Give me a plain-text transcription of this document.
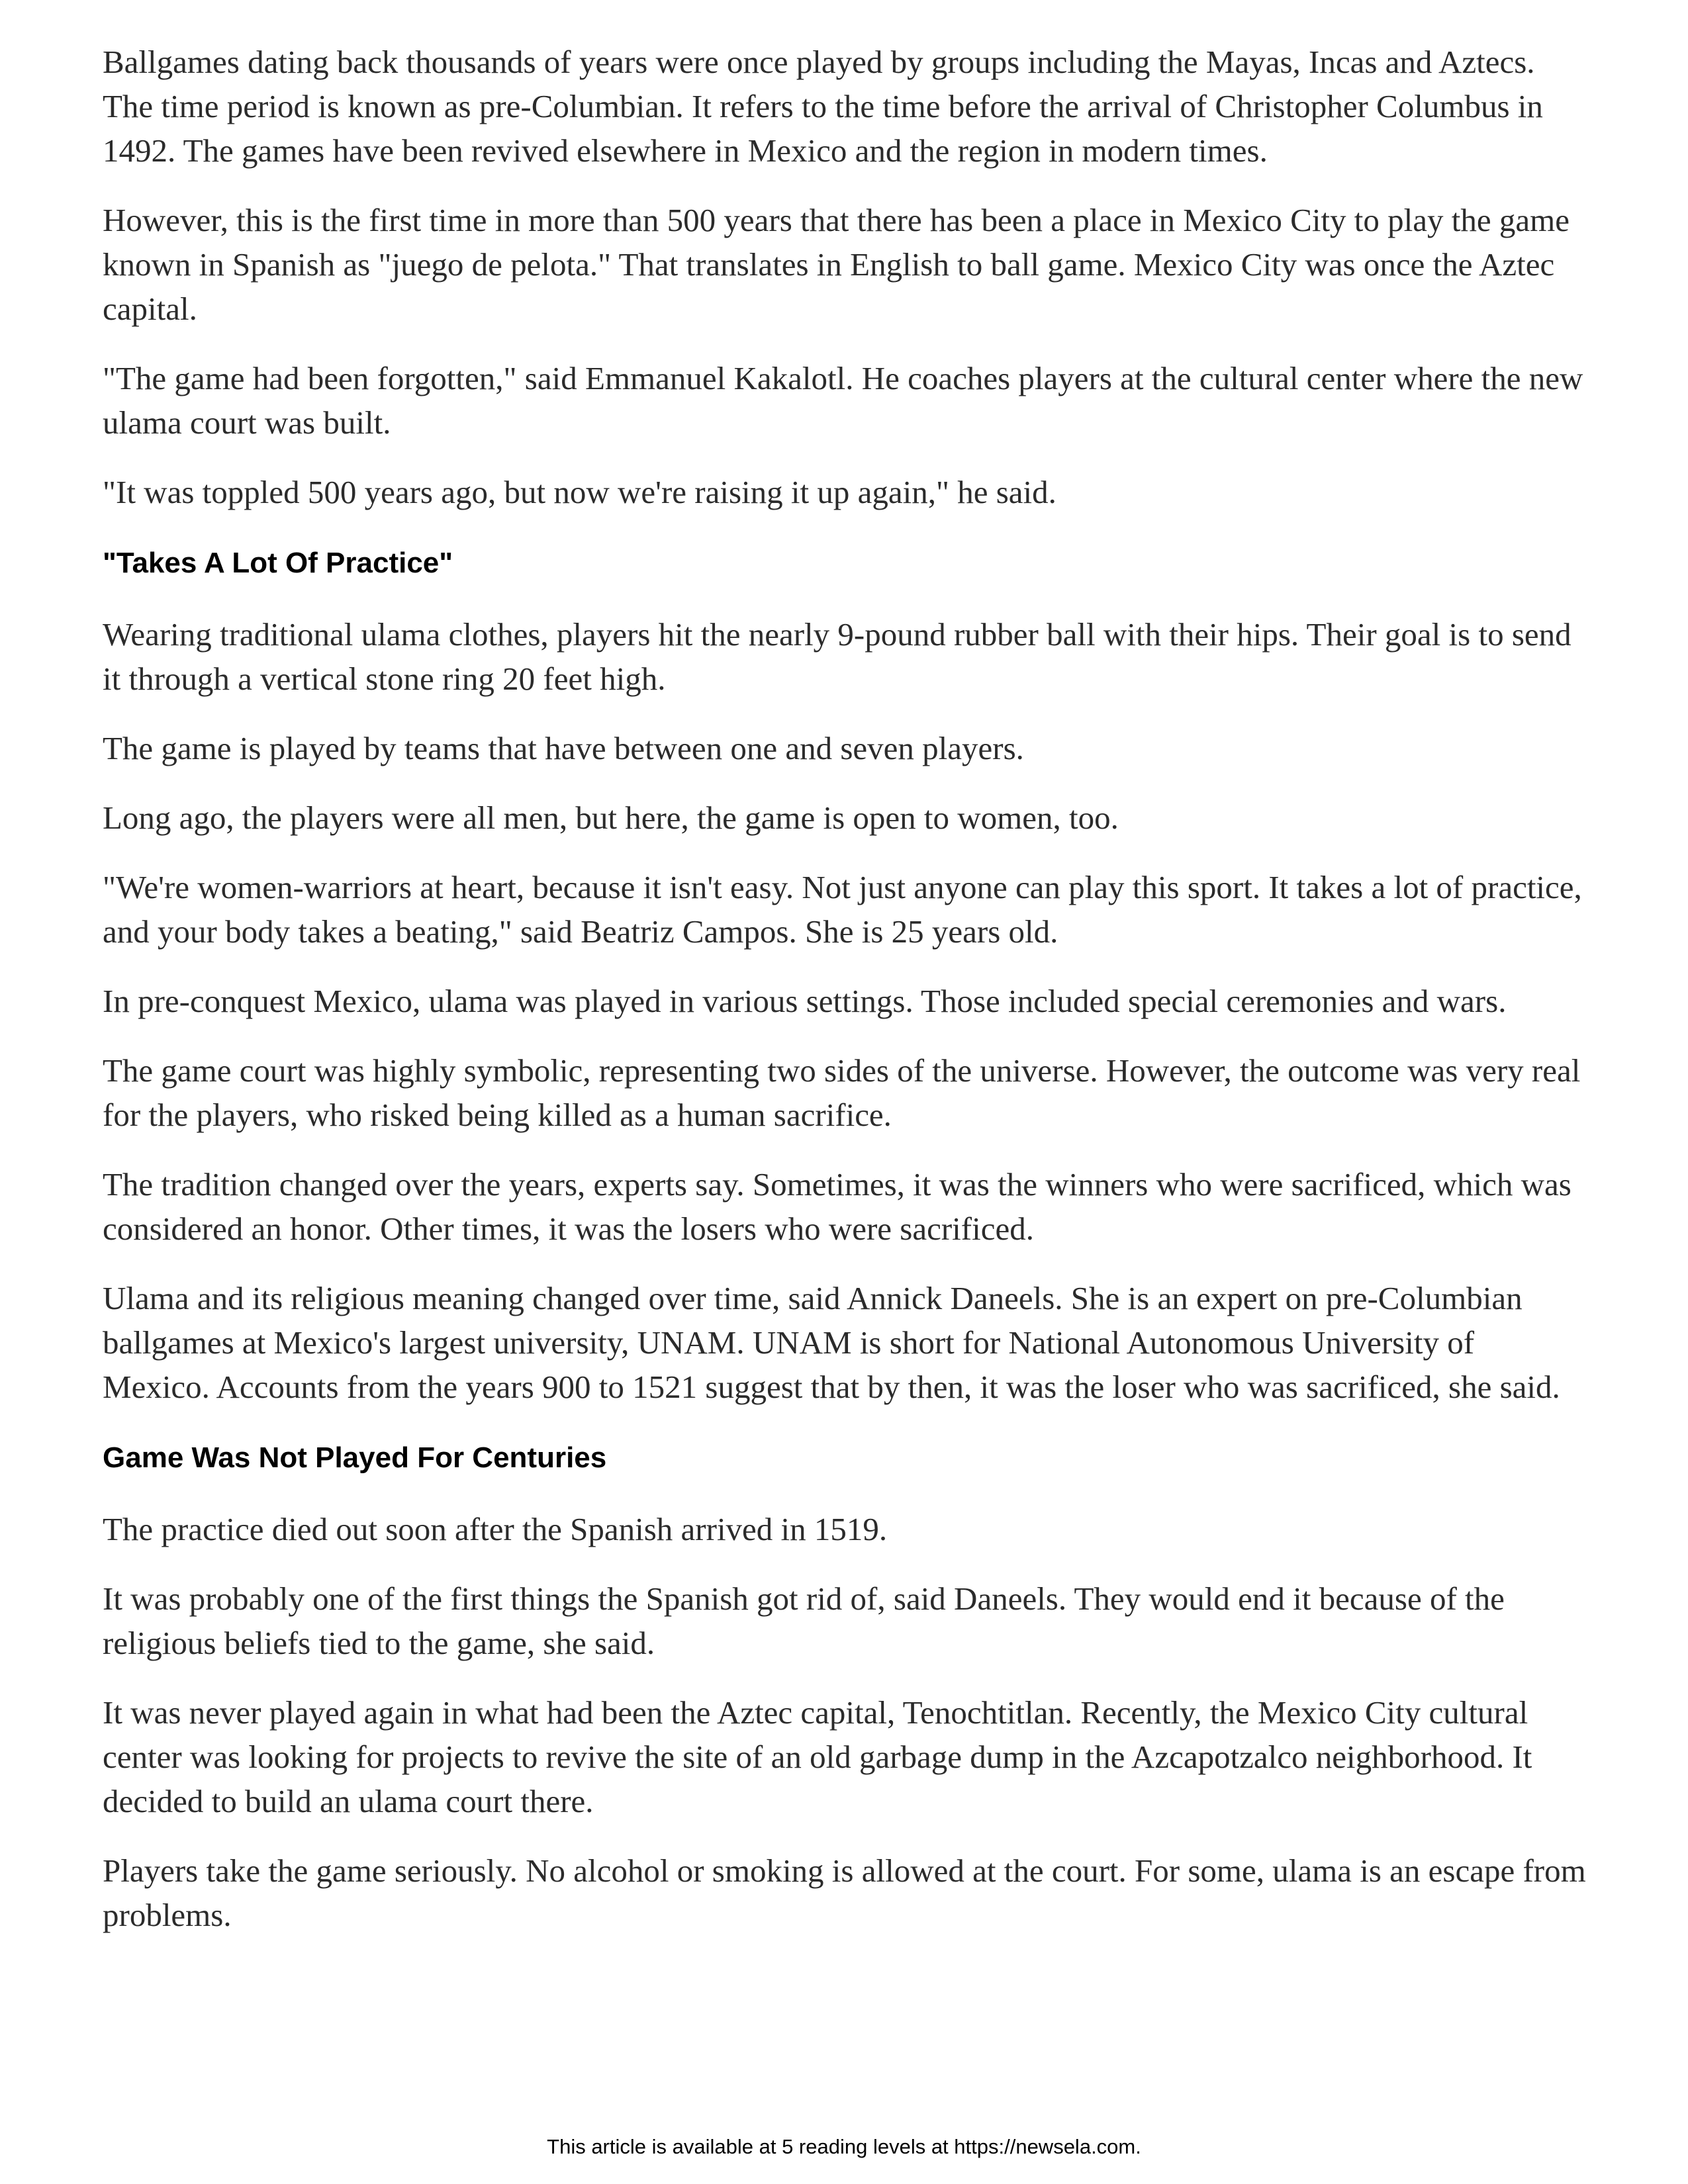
Ballgames dating back thousands of years were once played by groups including the Mayas, Incas and Aztecs. The time period is known as pre-Columbian. It refers to the time before the arrival of Christopher Columbus in 1492. The games have been revived elsewhere in Mexico and the region in modern times.

However, this is the first time in more than 500 years that there has been a place in Mexico City to play the game known in Spanish as "juego de pelota." That translates in English to ball game. Mexico City was once the Aztec capital.

"The game had been forgotten," said Emmanuel Kakalotl. He coaches players at the cultural center where the new ulama court was built.

"It was toppled 500 years ago, but now we're raising it up again," he said.

"Takes A Lot Of Practice"

Wearing traditional ulama clothes, players hit the nearly 9-pound rubber ball with their hips. Their goal is to send it through a vertical stone ring 20 feet high.

The game is played by teams that have between one and seven players.

Long ago, the players were all men, but here, the game is open to women, too.

"We're women-warriors at heart, because it isn't easy. Not just anyone can play this sport. It takes a lot of practice, and your body takes a beating," said Beatriz Campos. She is 25 years old.

In pre-conquest Mexico, ulama was played in various settings. Those included special ceremonies and wars.

The game court was highly symbolic, representing two sides of the universe. However, the outcome was very real for the players, who risked being killed as a human sacrifice.

The tradition changed over the years, experts say. Sometimes, it was the winners who were sacrificed, which was considered an honor. Other times, it was the losers who were sacrificed.

Ulama and its religious meaning changed over time, said Annick Daneels. She is an expert on pre-Columbian ballgames at Mexico's largest university, UNAM. UNAM is short for National Autonomous University of Mexico. Accounts from the years 900 to 1521 suggest that by then, it was the loser who was sacrificed, she said.

Game Was Not Played For Centuries

The practice died out soon after the Spanish arrived in 1519.

It was probably one of the first things the Spanish got rid of, said Daneels. They would end it because of the religious beliefs tied to the game, she said.

It was never played again in what had been the Aztec capital, Tenochtitlan. Recently, the Mexico City cultural center was looking for projects to revive the site of an old garbage dump in the Azcapotzalco neighborhood. It decided to build an ulama court there.

Players take the game seriously. No alcohol or smoking is allowed at the court. For some, ulama is an escape from problems.

This article is available at 5 reading levels at https://newsela.com.
